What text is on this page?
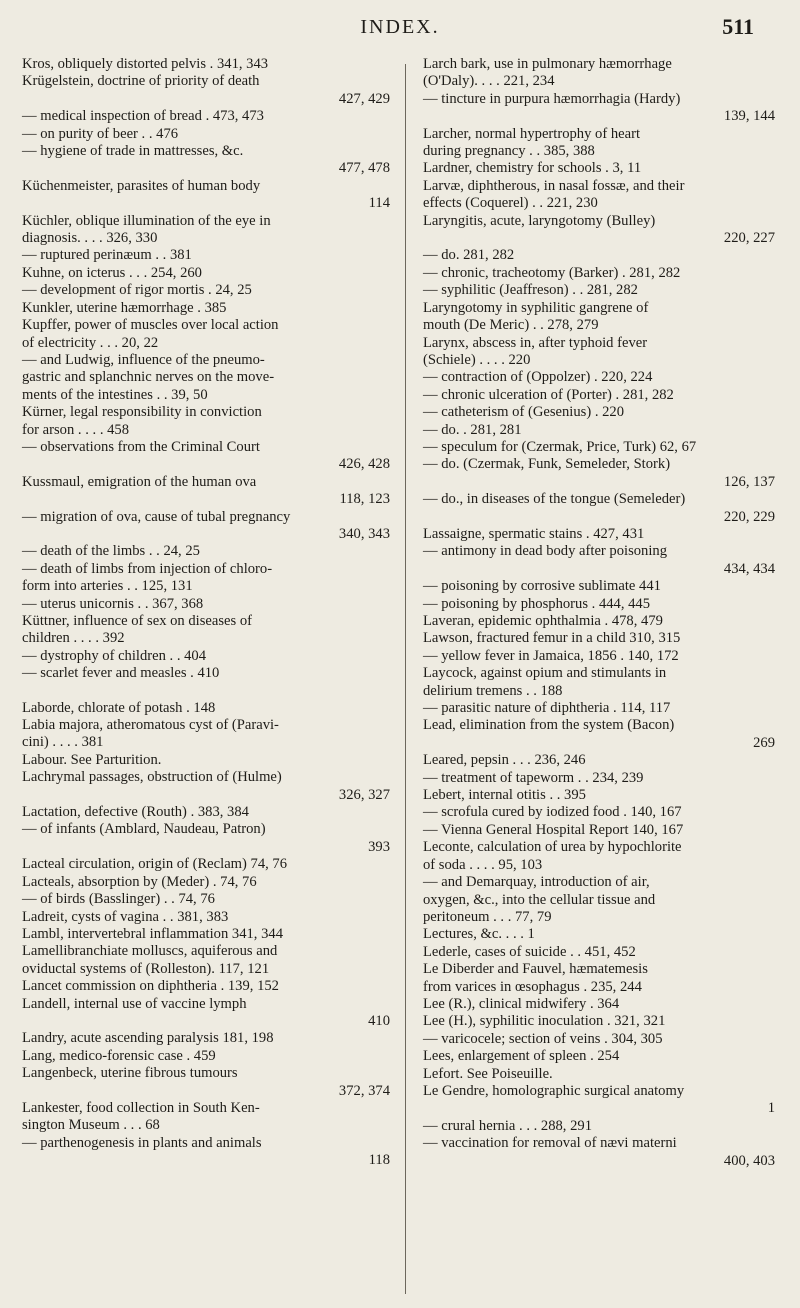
INDEX.	511
Kros, obliquely distorted pelvis . 341, 343
Krügelstein, doctrine of priority of death
427, 429
— medical inspection of bread . 473, 473
— on purity of beer . . 476
— hygiene of trade in mattresses, &c.
477, 478
Küchenmeister, parasites of human body
114
Küchler, oblique illumination of the eye in
diagnosis. . . . 326, 330
— ruptured perinæum . . 381
Kuhne, on icterus . . . 254, 260
— development of rigor mortis . 24, 25
Kunkler, uterine hæmorrhage . 385
Kupffer, power of muscles over local action
of electricity . . . 20, 22
— and Ludwig, influence of the pneumo-
gastric and splanchnic nerves on the move-
ments of the intestines . . 39, 50
Kürner, legal responsibility in conviction
for arson . . . . 458
— observations from the Criminal Court
426, 428
Kussmaul, emigration of the human ova
118, 123
— migration of ova, cause of tubal pregnancy
340, 343
— death of the limbs . . 24, 25
— death of limbs from injection of chloro-
form into arteries . . 125, 131
— uterus unicornis . . 367, 368
Küttner, influence of sex on diseases of
children . . . . 392
— dystrophy of children . . 404
— scarlet fever and measles . 410
Laborde, chlorate of potash . 148
Labia majora, atheromatous cyst of (Paravi-
cini) . . . . 381
Labour. See Parturition.
Lachrymal passages, obstruction of (Hulme)
326, 327
Lactation, defective (Routh) . 383, 384
— of infants (Amblard, Naudeau, Patron)
393
Lacteal circulation, origin of (Reclam) 74, 76
Lacteals, absorption by (Meder) . 74, 76
— of birds (Basslinger) . . 74, 76
Ladreit, cysts of vagina . . 381, 383
Lambl, intervertebral inflammation 341, 344
Lamellibranchiate molluscs, aquiferous and
oviductal systems of (Rolleston). 117, 121
Lancet commission on diphtheria . 139, 152
Landell, internal use of vaccine lymph
410
Landry, acute ascending paralysis 181, 198
Lang, medico-forensic case . 459
Langenbeck, uterine fibrous tumours
372, 374
Lankester, food collection in South Ken-
sington Museum . . . 68
— parthenogenesis in plants and animals
118
Larch bark, use in pulmonary hæmorrhage
(O'Daly). . . . 221, 234
— tincture in purpura hæmorrhagia (Hardy)
139, 144
Larcher, normal hypertrophy of heart
during pregnancy . . 385, 388
Lardner, chemistry for schools . 3, 11
Larvæ, diphtherous, in nasal fossæ, and their
effects (Coquerel) . . 221, 230
Laryngitis, acute, laryngotomy (Bulley)
220, 227
— do. 281, 282
— chronic, tracheotomy (Barker) . 281, 282
— syphilitic (Jeaffreson) . . 281, 282
Laryngotomy in syphilitic gangrene of
mouth (De Meric) . . 278, 279
Larynx, abscess in, after typhoid fever
(Schiele) . . . . 220
— contraction of (Oppolzer) . 220, 224
— chronic ulceration of (Porter) . 281, 282
— catheterism of (Gesenius) . 220
— do. . 281, 281
— speculum for (Czermak, Price, Turk) 62, 67
— do. (Czermak, Funk, Semeleder, Stork)
126, 137
— do., in diseases of the tongue (Semeleder)
220, 229
Lassaigne, spermatic stains . 427, 431
— antimony in dead body after poisoning
434, 434
— poisoning by corrosive sublimate 441
— poisoning by phosphorus . 444, 445
Laveran, epidemic ophthalmia . 478, 479
Lawson, fractured femur in a child 310, 315
— yellow fever in Jamaica, 1856 . 140, 172
Laycock, against opium and stimulants in
delirium tremens . . 188
— parasitic nature of diphtheria . 114, 117
Lead, elimination from the system (Bacon)
269
Leared, pepsin . . . 236, 246
— treatment of tapeworm . . 234, 239
Lebert, internal otitis . . 395
— scrofula cured by iodized food . 140, 167
— Vienna General Hospital Report 140, 167
Leconte, calculation of urea by hypochlorite
of soda . . . . 95, 103
— and Demarquay, introduction of air,
oxygen, &c., into the cellular tissue and
peritoneum . . . 77, 79
Lectures, &c. . . . 1
Lederle, cases of suicide . . 451, 452
Le Diberder and Fauvel, hæmatemesis
from varices in œsophagus . 235, 244
Lee (R.), clinical midwifery . 364
Lee (H.), syphilitic inoculation . 321, 321
— varicocele; section of veins . 304, 305
Lees, enlargement of spleen . 254
Lefort. See Poiseuille.
Le Gendre, homolographic surgical anatomy
1
— crural hernia . . . 288, 291
— vaccination for removal of nævi materni
400, 403
